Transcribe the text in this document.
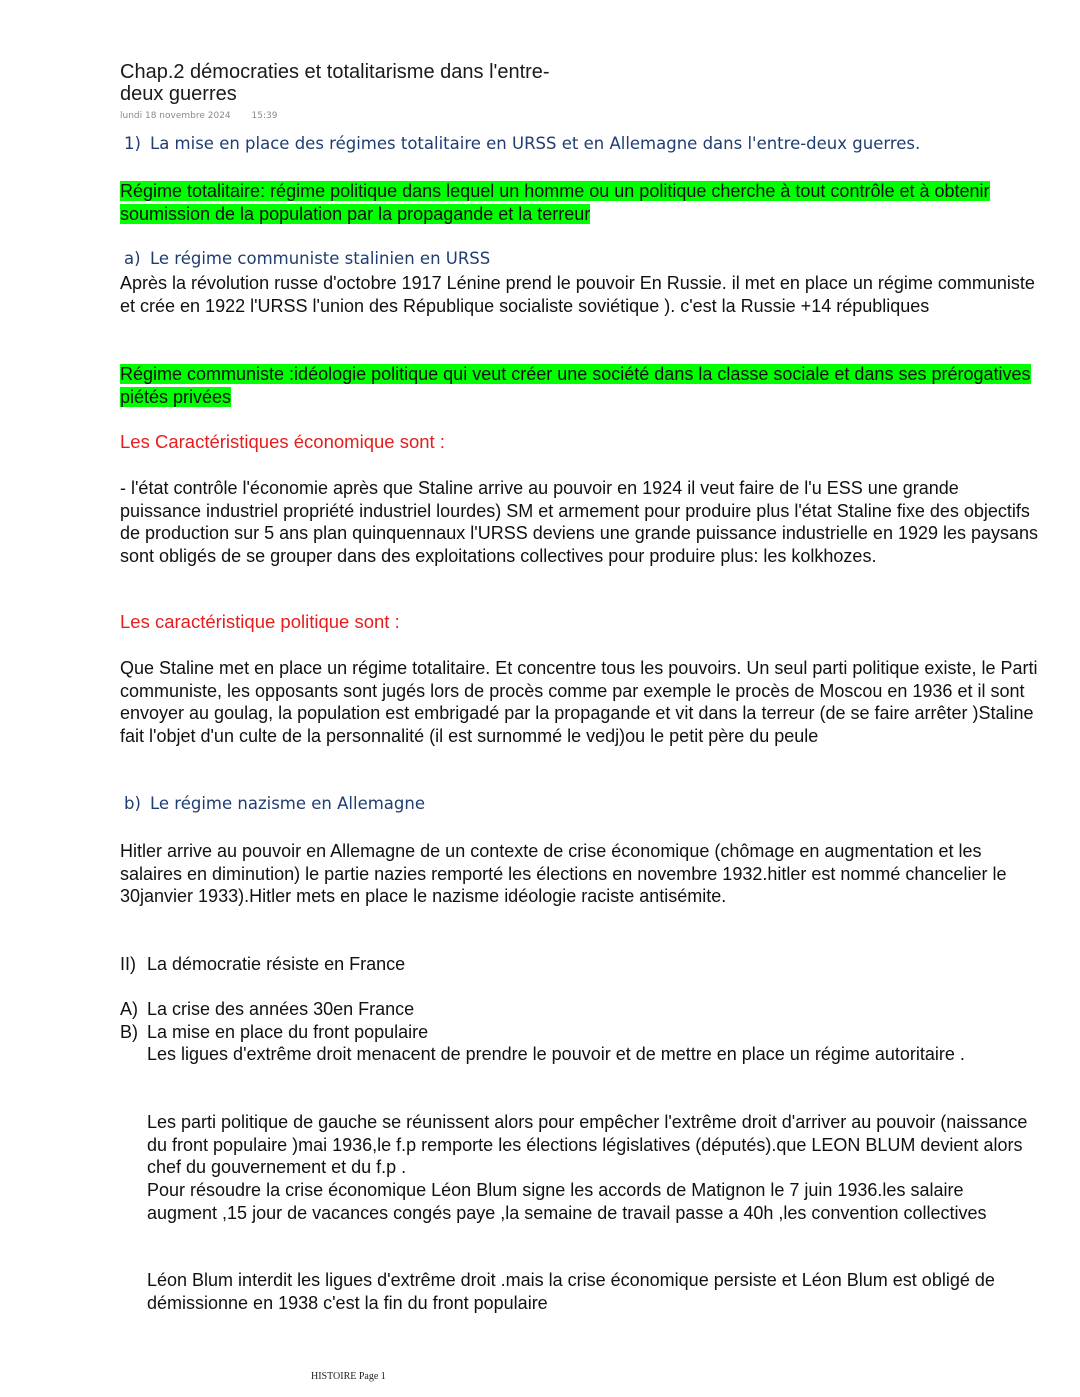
Chap.2 démocraties et totalitarisme dans l'entre-
deux guerres
lundi 18 novembre 2024 15:39
1) La mise en place des régimes totalitaire en URSS et en Allemagne dans l'entre-deux guerres.
Régime totalitaire: régime politique dans lequel un homme ou un politique cherche à tout contrôle et à obtenir soumission de la population par la propagande et la terreur
a) Le régime communiste stalinien en URSS
Après la révolution russe d'octobre 1917 Lénine prend le pouvoir En Russie. il met en place un régime communiste et crée en 1922 l'URSS l'union des République socialiste soviétique ). c'est la Russie +14 républiques
Régime communiste :idéologie politique qui veut créer une société dans la classe sociale et dans ses prérogatives piétés privées
Les Caractéristiques économique sont :
- l'état contrôle l'économie après que Staline arrive au pouvoir en 1924 il veut faire de l'u ESS une grande puissance industriel propriété industriel lourdes) SM et armement pour produire plus l'état Staline fixe des objectifs de production sur 5 ans plan quinquennaux l'URSS deviens une grande puissance industrielle en 1929 les paysans sont obligés de se grouper dans des exploitations collectives pour produire plus: les kolkhozes.
Les caractéristique politique sont :
Que Staline met en place un régime totalitaire. Et concentre tous les pouvoirs. Un seul parti politique existe, le Parti communiste, les opposants sont jugés lors de procès comme par exemple le procès de Moscou en 1936 et il sont envoyer au goulag, la population est embrigadé par la propagande et vit dans la terreur (de se faire arrêter )Staline fait l'objet d'un culte de la personnalité (il est surnommé le vedj)ou le petit père du peule
b) Le régime nazisme en Allemagne
Hitler arrive au pouvoir en Allemagne de un contexte de crise économique (chômage en augmentation et les salaires en diminution) le partie nazies remporté les élections en novembre 1932.hitler est nommé chancelier le 30janvier 1933).Hitler mets en place le nazisme idéologie raciste antisémite.
II) La démocratie résiste en France
A) La crise des années 30en France
B) La mise en place du front populaire
Les ligues d'extrême droit menacent de prendre le pouvoir et de mettre en place un régime autoritaire .
Les parti politique de gauche se réunissent alors pour empêcher l'extrême droit d'arriver au pouvoir (naissance du front populaire )mai 1936,le f.p remporte les élections législatives (députés).que LEON BLUM devient alors chef du gouvernement et du f.p .
Pour résoudre la crise économique Léon Blum signe les accords de Matignon le 7 juin 1936.les salaire augment ,15 jour de vacances congés paye ,la semaine de travail passe a 40h ,les convention collectives
Léon Blum interdit les ligues d'extrême droit .mais la crise économique persiste et Léon Blum est obligé de démissionne en 1938 c'est la fin du front populaire
HISTOIRE Page 1
